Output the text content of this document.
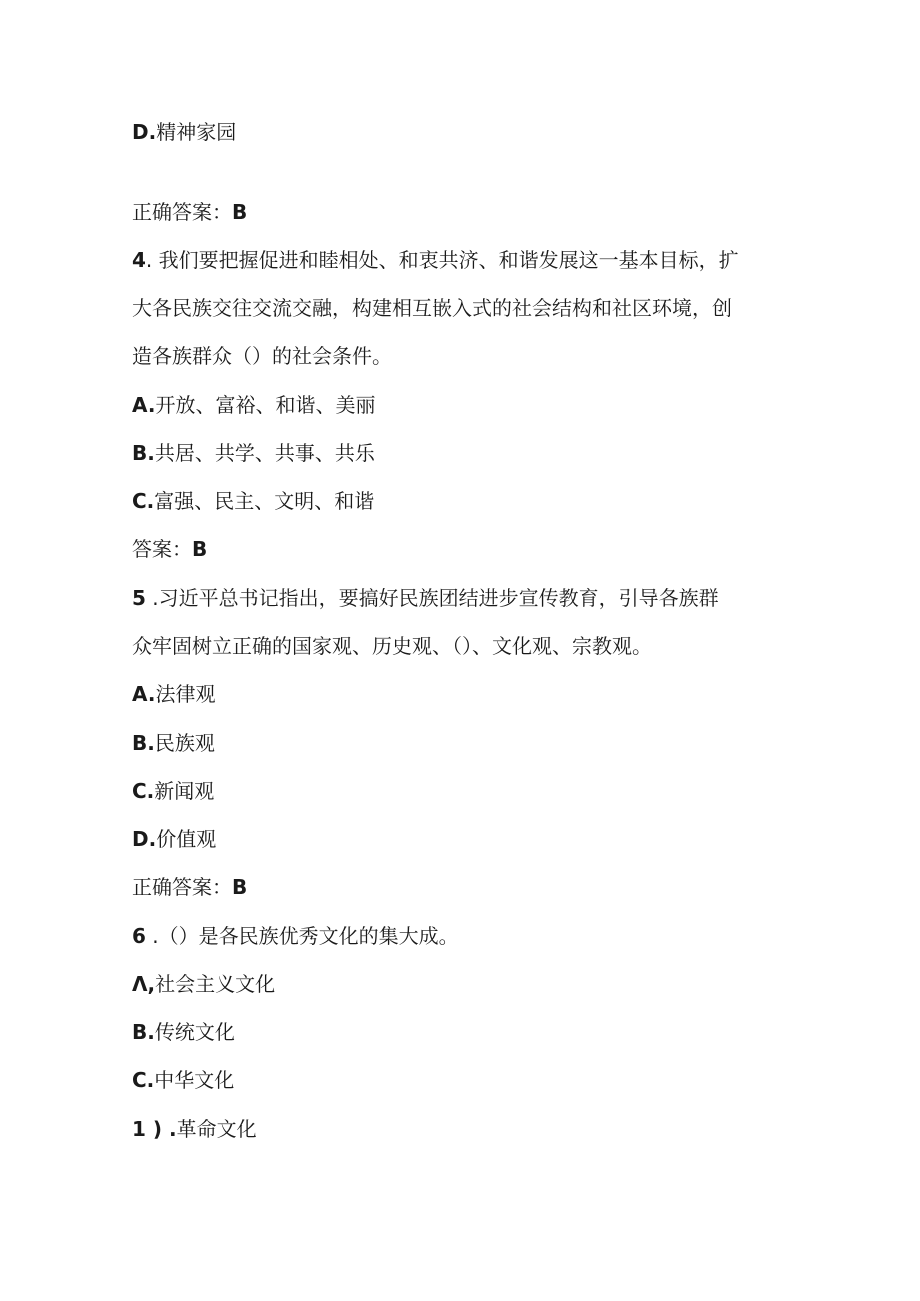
D.精神家园
正确答案：B
4. 我们要把握促进和睦相处、和衷共济、和谐发展这一基本目标，扩
大各民族交往交流交融，构建相互嵌入式的社会结构和社区环境，创
造各族群众（）的社会条件。
A.开放、富裕、和谐、美丽
B.共居、共学、共事、共乐
C.富强、民主、文明、和谐
答案：B
5 .习近平总书记指出，要搞好民族团结进步宣传教育，引导各族群
众牢固树立正确的国家观、历史观、（）、文化观、宗教观。
A.法律观
B.民族观
C.新闻观
D.价值观
正确答案：B
6 .（）是各民族优秀文化的集大成。
Λ,社会主义文化
B.传统文化
C.中华文化
1 ) .革命文化
